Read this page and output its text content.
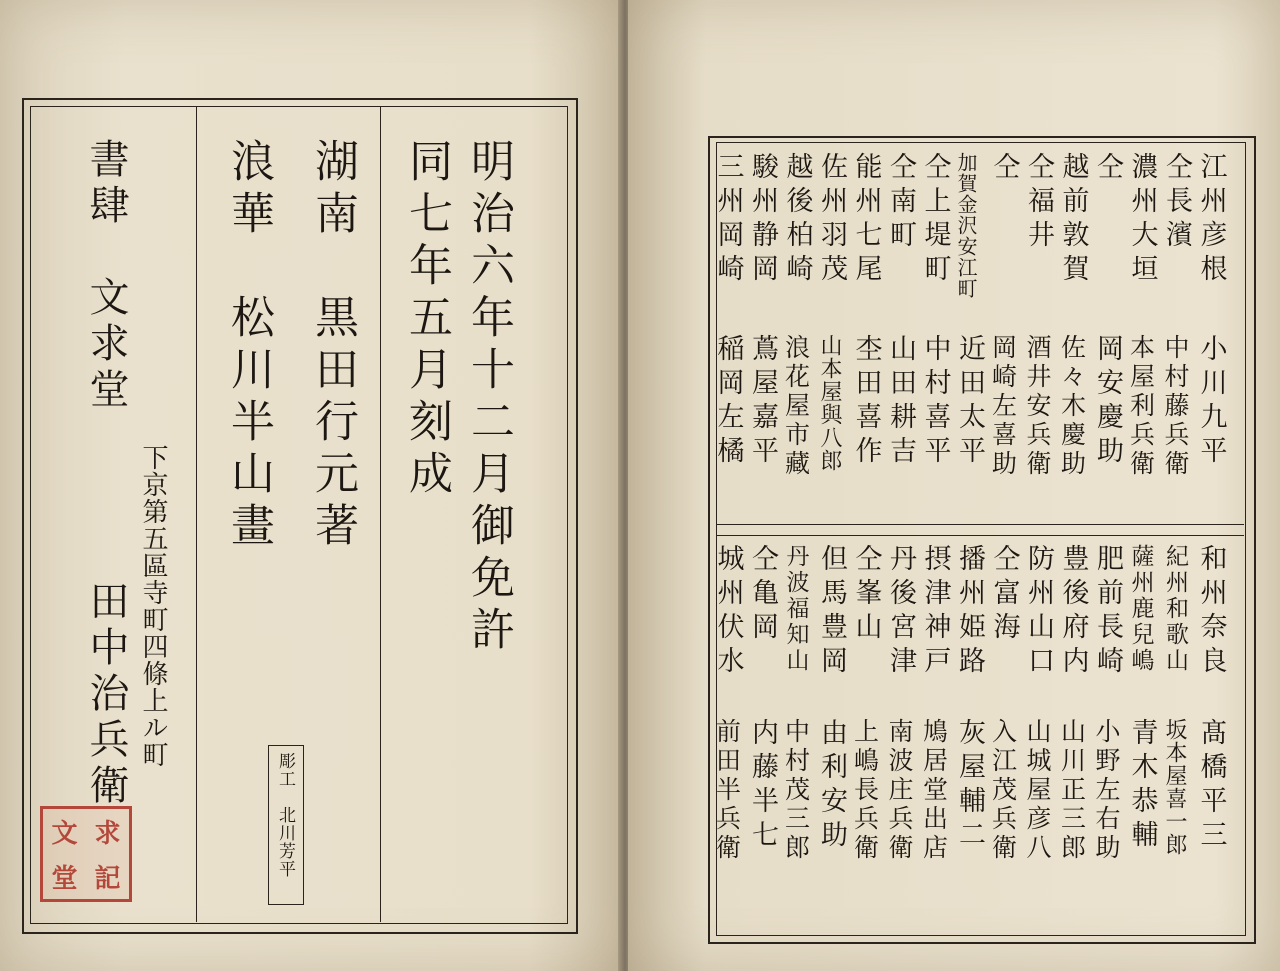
明治六年十二月御免許
同七年五月刻成
湖南　黒田行元著
浪華　松川半山畫
彫工　北川芳平
書肆　文求堂
下京第五區寺町四條上ル町
田中治兵衛
文 求
堂 記
江州彦根
小川九平
仝長濱
中村藤兵衛
濃州大垣
本屋利兵衛
仝
岡安慶助
越前敦賀
佐々木慶助
仝福井
酒井安兵衛
仝
岡崎左喜助
加賀金沢安江町
近田太平
仝上堤町
中村喜平
仝南町
山田耕吉
能州七尾
杢田喜作
佐州羽茂
山本屋與八郎
越後柏崎
浪花屋市藏
駿州静岡
蔦屋嘉平
三州岡崎
稲岡左橘
和州奈良
髙橋平三
紀州和歌山
坂本屋喜一郎
薩州鹿兒嶋
青木恭輔
肥前長崎
小野左右助
豊後府内
山川正三郎
防州山口
山城屋彦八
仝富海
入江茂兵衛
播州姫路
灰屋輔二
摂津神戸
鳩居堂出店
丹後宮津
南波庄兵衛
仝峯山
上嶋長兵衛
但馬豊岡
由利安助
丹波福知山
中村茂三郎
仝亀岡
内藤半七
城州伏水
前田半兵衛
